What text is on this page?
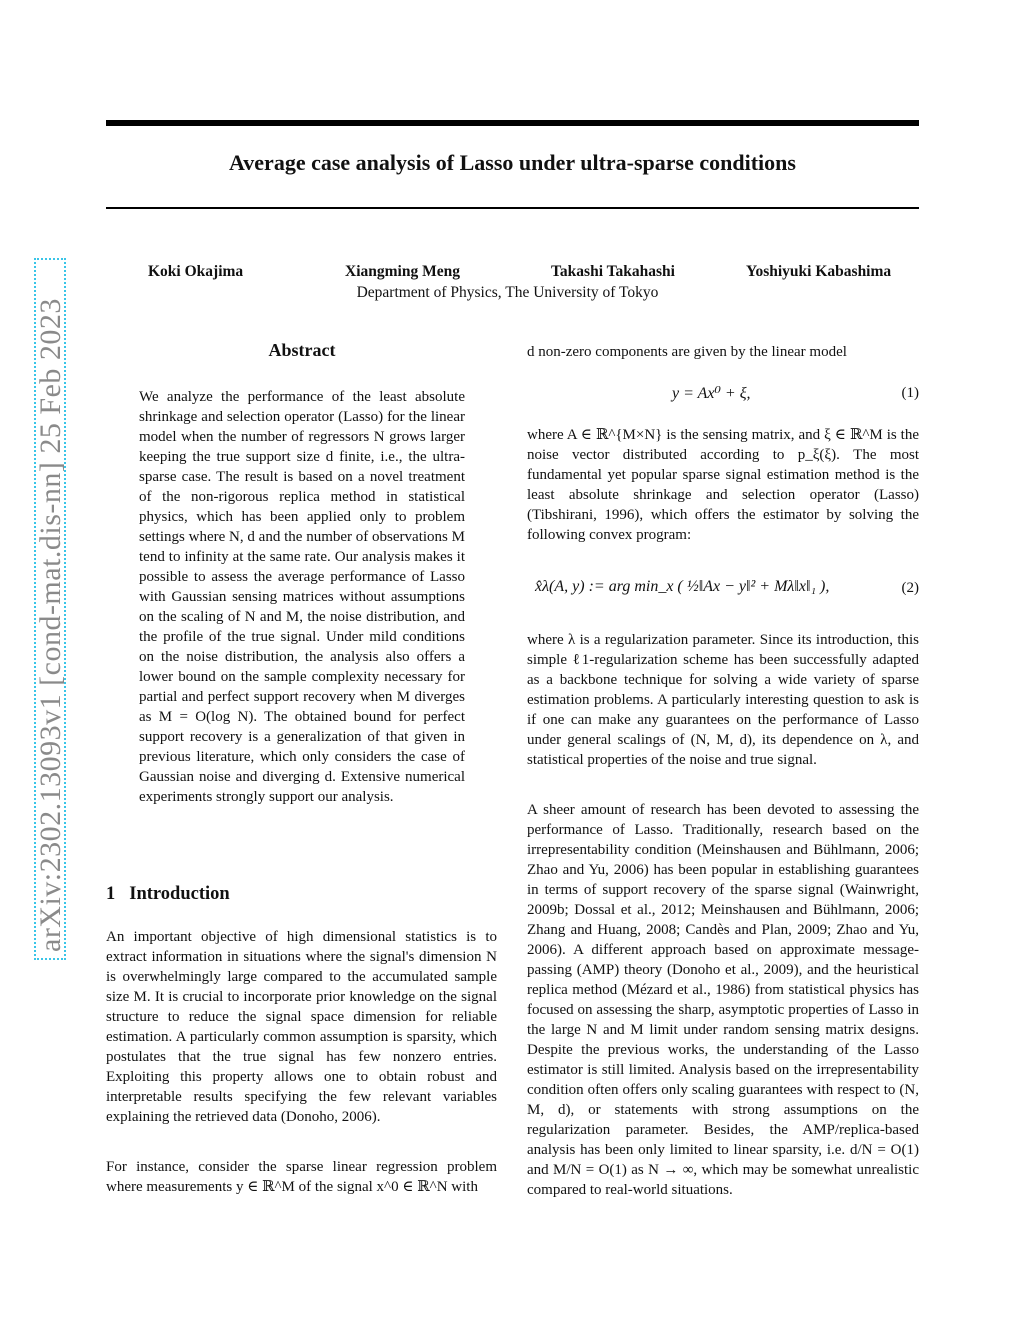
arXiv:2302.13093v1 [cond-mat.dis-nn] 25 Feb 2023
Average case analysis of Lasso under ultra-sparse conditions
Koki Okajima	Xiangming Meng	Takashi Takahashi	Yoshiyuki Kabashima
Department of Physics, The University of Tokyo
Abstract
We analyze the performance of the least absolute shrinkage and selection operator (Lasso) for the linear model when the number of regressors N grows larger keeping the true support size d finite, i.e., the ultra-sparse case. The result is based on a novel treatment of the non-rigorous replica method in statistical physics, which has been applied only to problem settings where N, d and the number of observations M tend to infinity at the same rate. Our analysis makes it possible to assess the average performance of Lasso with Gaussian sensing matrices without assumptions on the scaling of N and M, the noise distribution, and the profile of the true signal. Under mild conditions on the noise distribution, the analysis also offers a lower bound on the sample complexity necessary for partial and perfect support recovery when M diverges as M = O(log N). The obtained bound for perfect support recovery is a generalization of that given in previous literature, which only considers the case of Gaussian noise and diverging d. Extensive numerical experiments strongly support our analysis.
1 Introduction
An important objective of high dimensional statistics is to extract information in situations where the signal's dimension N is overwhelmingly large compared to the accumulated sample size M. It is crucial to incorporate prior knowledge on the signal structure to reduce the signal space dimension for reliable estimation. A particularly common assumption is sparsity, which postulates that the true signal has few nonzero entries. Exploiting this property allows one to obtain robust and interpretable results specifying the few relevant variables explaining the retrieved data (Donoho, 2006).
For instance, consider the sparse linear regression problem where measurements y ∈ ℝ^M of the signal x^0 ∈ ℝ^N with
d non-zero components are given by the linear model
y = Ax⁰ + ξ,	(1)
where A ∈ ℝ^{M×N} is the sensing matrix, and ξ ∈ ℝ^M is the noise vector distributed according to p_ξ(ξ). The most fundamental yet popular sparse signal estimation method is the least absolute shrinkage and selection operator (Lasso) (Tibshirani, 1996), which offers the estimator by solving the following convex program:
x̂λ(A, y) := arg min_x ( ½‖Ax − y‖² + Mλ‖x‖₁ ),	(2)
where λ is a regularization parameter. Since its introduction, this simple ℓ1-regularization scheme has been successfully adapted as a backbone technique for solving a wide variety of sparse estimation problems. A particularly interesting question to ask is if one can make any guarantees on the performance of Lasso under general scalings of (N, M, d), its dependence on λ, and statistical properties of the noise and true signal.
A sheer amount of research has been devoted to assessing the performance of Lasso. Traditionally, research based on the irrepresentability condition (Meinshausen and Bühlmann, 2006; Zhao and Yu, 2006) has been popular in establishing guarantees in terms of support recovery of the sparse signal (Wainwright, 2009b; Dossal et al., 2012; Meinshausen and Bühlmann, 2006; Zhang and Huang, 2008; Candès and Plan, 2009; Zhao and Yu, 2006). A different approach based on approximate message-passing (AMP) theory (Donoho et al., 2009), and the heuristical replica method (Mézard et al., 1986) from statistical physics has focused on assessing the sharp, asymptotic properties of Lasso in the large N and M limit under random sensing matrix designs. Despite the previous works, the understanding of the Lasso estimator is still limited. Analysis based on the irrepresentability condition often offers only scaling guarantees with respect to (N, M, d), or statements with strong assumptions on the regularization parameter. Besides, the AMP/replica-based analysis has been only limited to linear sparsity, i.e. d/N = O(1) and M/N = O(1) as N → ∞, which may be somewhat unrealistic compared to real-world situations.
